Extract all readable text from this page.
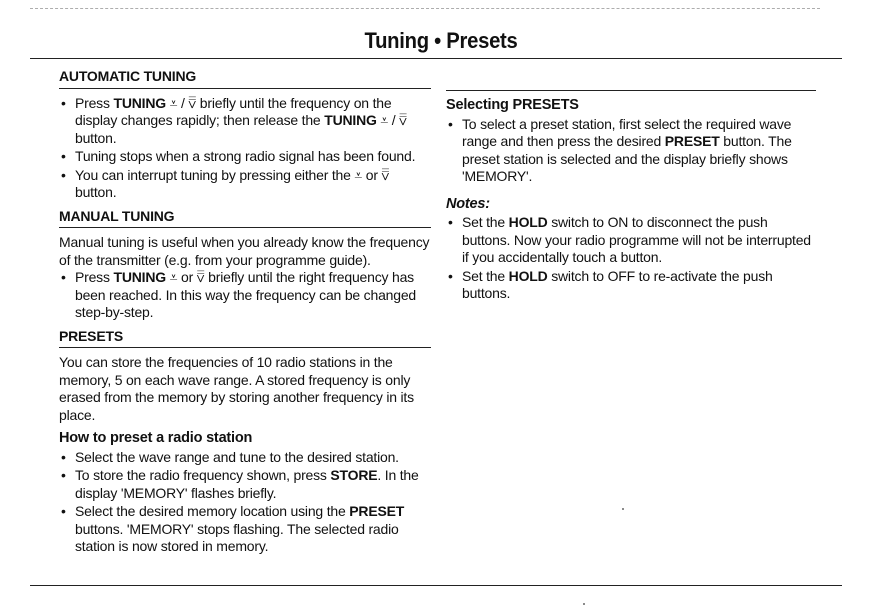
Tuning • Presets
AUTOMATIC TUNING
• Press TUNING ⩡ / ⩢ briefly until the frequency on the display changes rapidly; then release the TUNING ⩡ / ⩢ button.
• Tuning stops when a strong radio signal has been found.
• You can interrupt tuning by pressing either the ⩡ or ⩢ button.
MANUAL TUNING

Manual tuning is useful when you already know the frequency of the transmitter (e.g. from your programme guide).

• Press TUNING ⩡ or ⩢ briefly until the right frequency has been reached. In this way the frequency can be changed step-by-step.
PRESETS

You can store the frequencies of 10 radio stations in the memory, 5 on each wave range. A stored frequency is only erased from the memory by storing another frequency in its place.

How to preset a radio station
• Select the wave range and tune to the desired station.
• To store the radio frequency shown, press STORE. In the display 'MEMORY' flashes briefly.
• Select the desired memory location using the PRESET buttons. 'MEMORY' stops flashing. The selected radio station is now stored in memory.
Selecting PRESETS
• To select a preset station, first select the required wave range and then press the desired PRESET button. The preset station is selected and the display briefly shows 'MEMORY'.
Notes:
• Set the HOLD switch to ON to disconnect the push buttons. Now your radio programme will not be interrupted if you accidentally touch a button.
• Set the HOLD switch to OFF to re-activate the push buttons.
